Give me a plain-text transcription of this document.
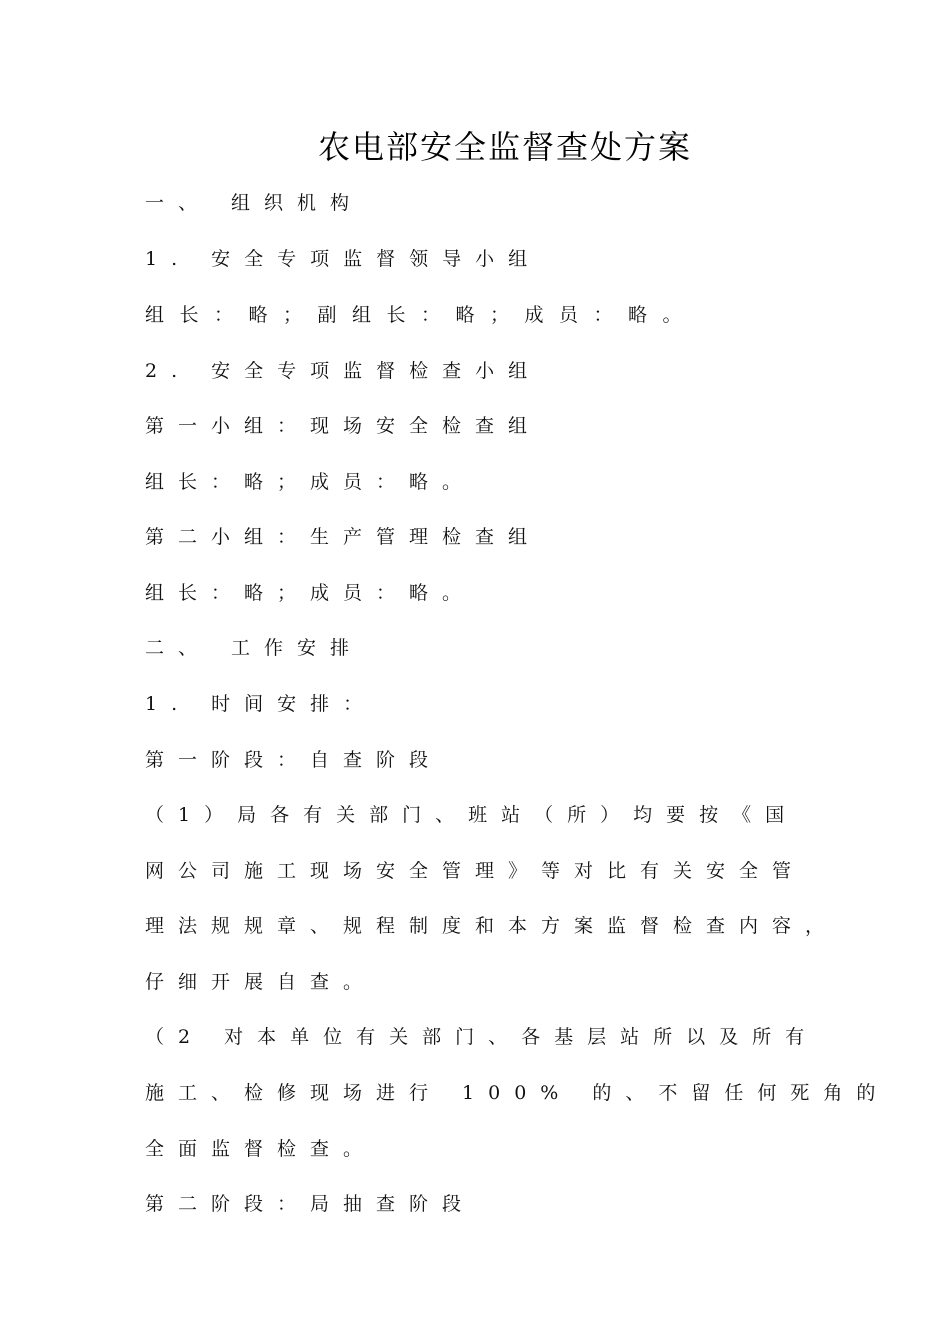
农电部安全监督查处方案
一、 组织机构
1. 安全专项监督领导小组
组长：略；副组长：略；成员：略。
2. 安全专项监督检查小组
第一小组：现场安全检查组
组长：略；成员：略。
第二小组：生产管理检查组
组长：略；成员：略。
二、 工作安排
1. 时间安排：
第一阶段：自查阶段
（1）局各有关部门、班站（所）均要按《国
网公司施工现场安全管理》等对比有关安全管
理法规规章、规程制度和本方案监督检查内容，
仔细开展自查。
（2 对本单位有关部门、各基层站所以及所有
施工、检修现场进行 100% 的、不留任何死角的
全面监督检查。
第二阶段：局抽查阶段
